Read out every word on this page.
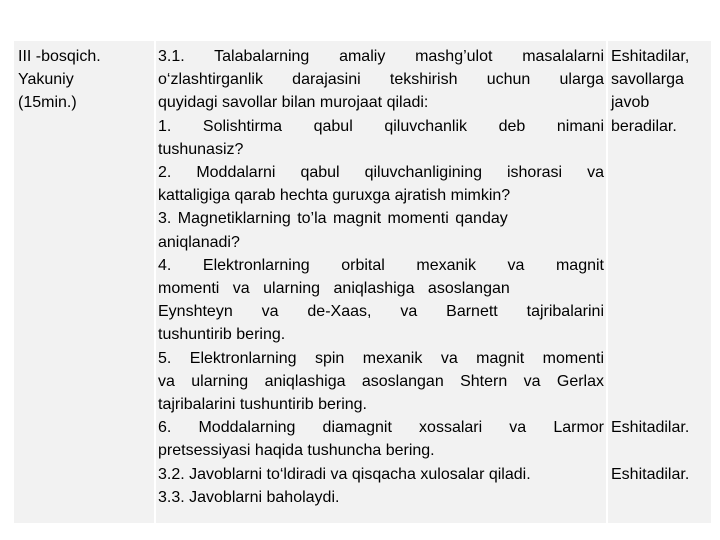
III -bosqich.
Yakuniy
(15min.)
3.1. Talabalarning amaliy mashg’ulot masalalarni
o‘zlashtirganlik darajasini tekshirish uchun ularga
quyidagi savollar bilan murojaat qiladi:
1. Solishtirma qabul qiluvchanlik deb nimani
tushunasiz?
2. Moddalarni qabul qiluvchanligining ishorasi va
kattaligiga qarab hechta guruxga ajratish mimkin?
3. Magnetiklarning to’la magnit momenti qanday
aniqlanadi?
4. Elektronlarning orbital mexanik va magnit
momenti va ularning aniqlashiga asoslangan
Eynshteyn va de-Xaas, va Barnett tajribalarini
tushuntirib bering.
5. Elektronlarning spin mexanik va magnit momenti
va ularning aniqlashiga asoslangan Shtern va Gerlax
tajribalarini tushuntirib bering.
6. Moddalarning diamagnit xossalari va Larmor
pretsessiyasi haqida tushuncha bering.
3.2. Javoblarni to‘ldiradi va qisqacha xulosalar qiladi.
3.3. Javoblarni baholaydi.
Eshitadilar,
savollarga
javob
beradilar.
Eshitadilar.
Eshitadilar.
